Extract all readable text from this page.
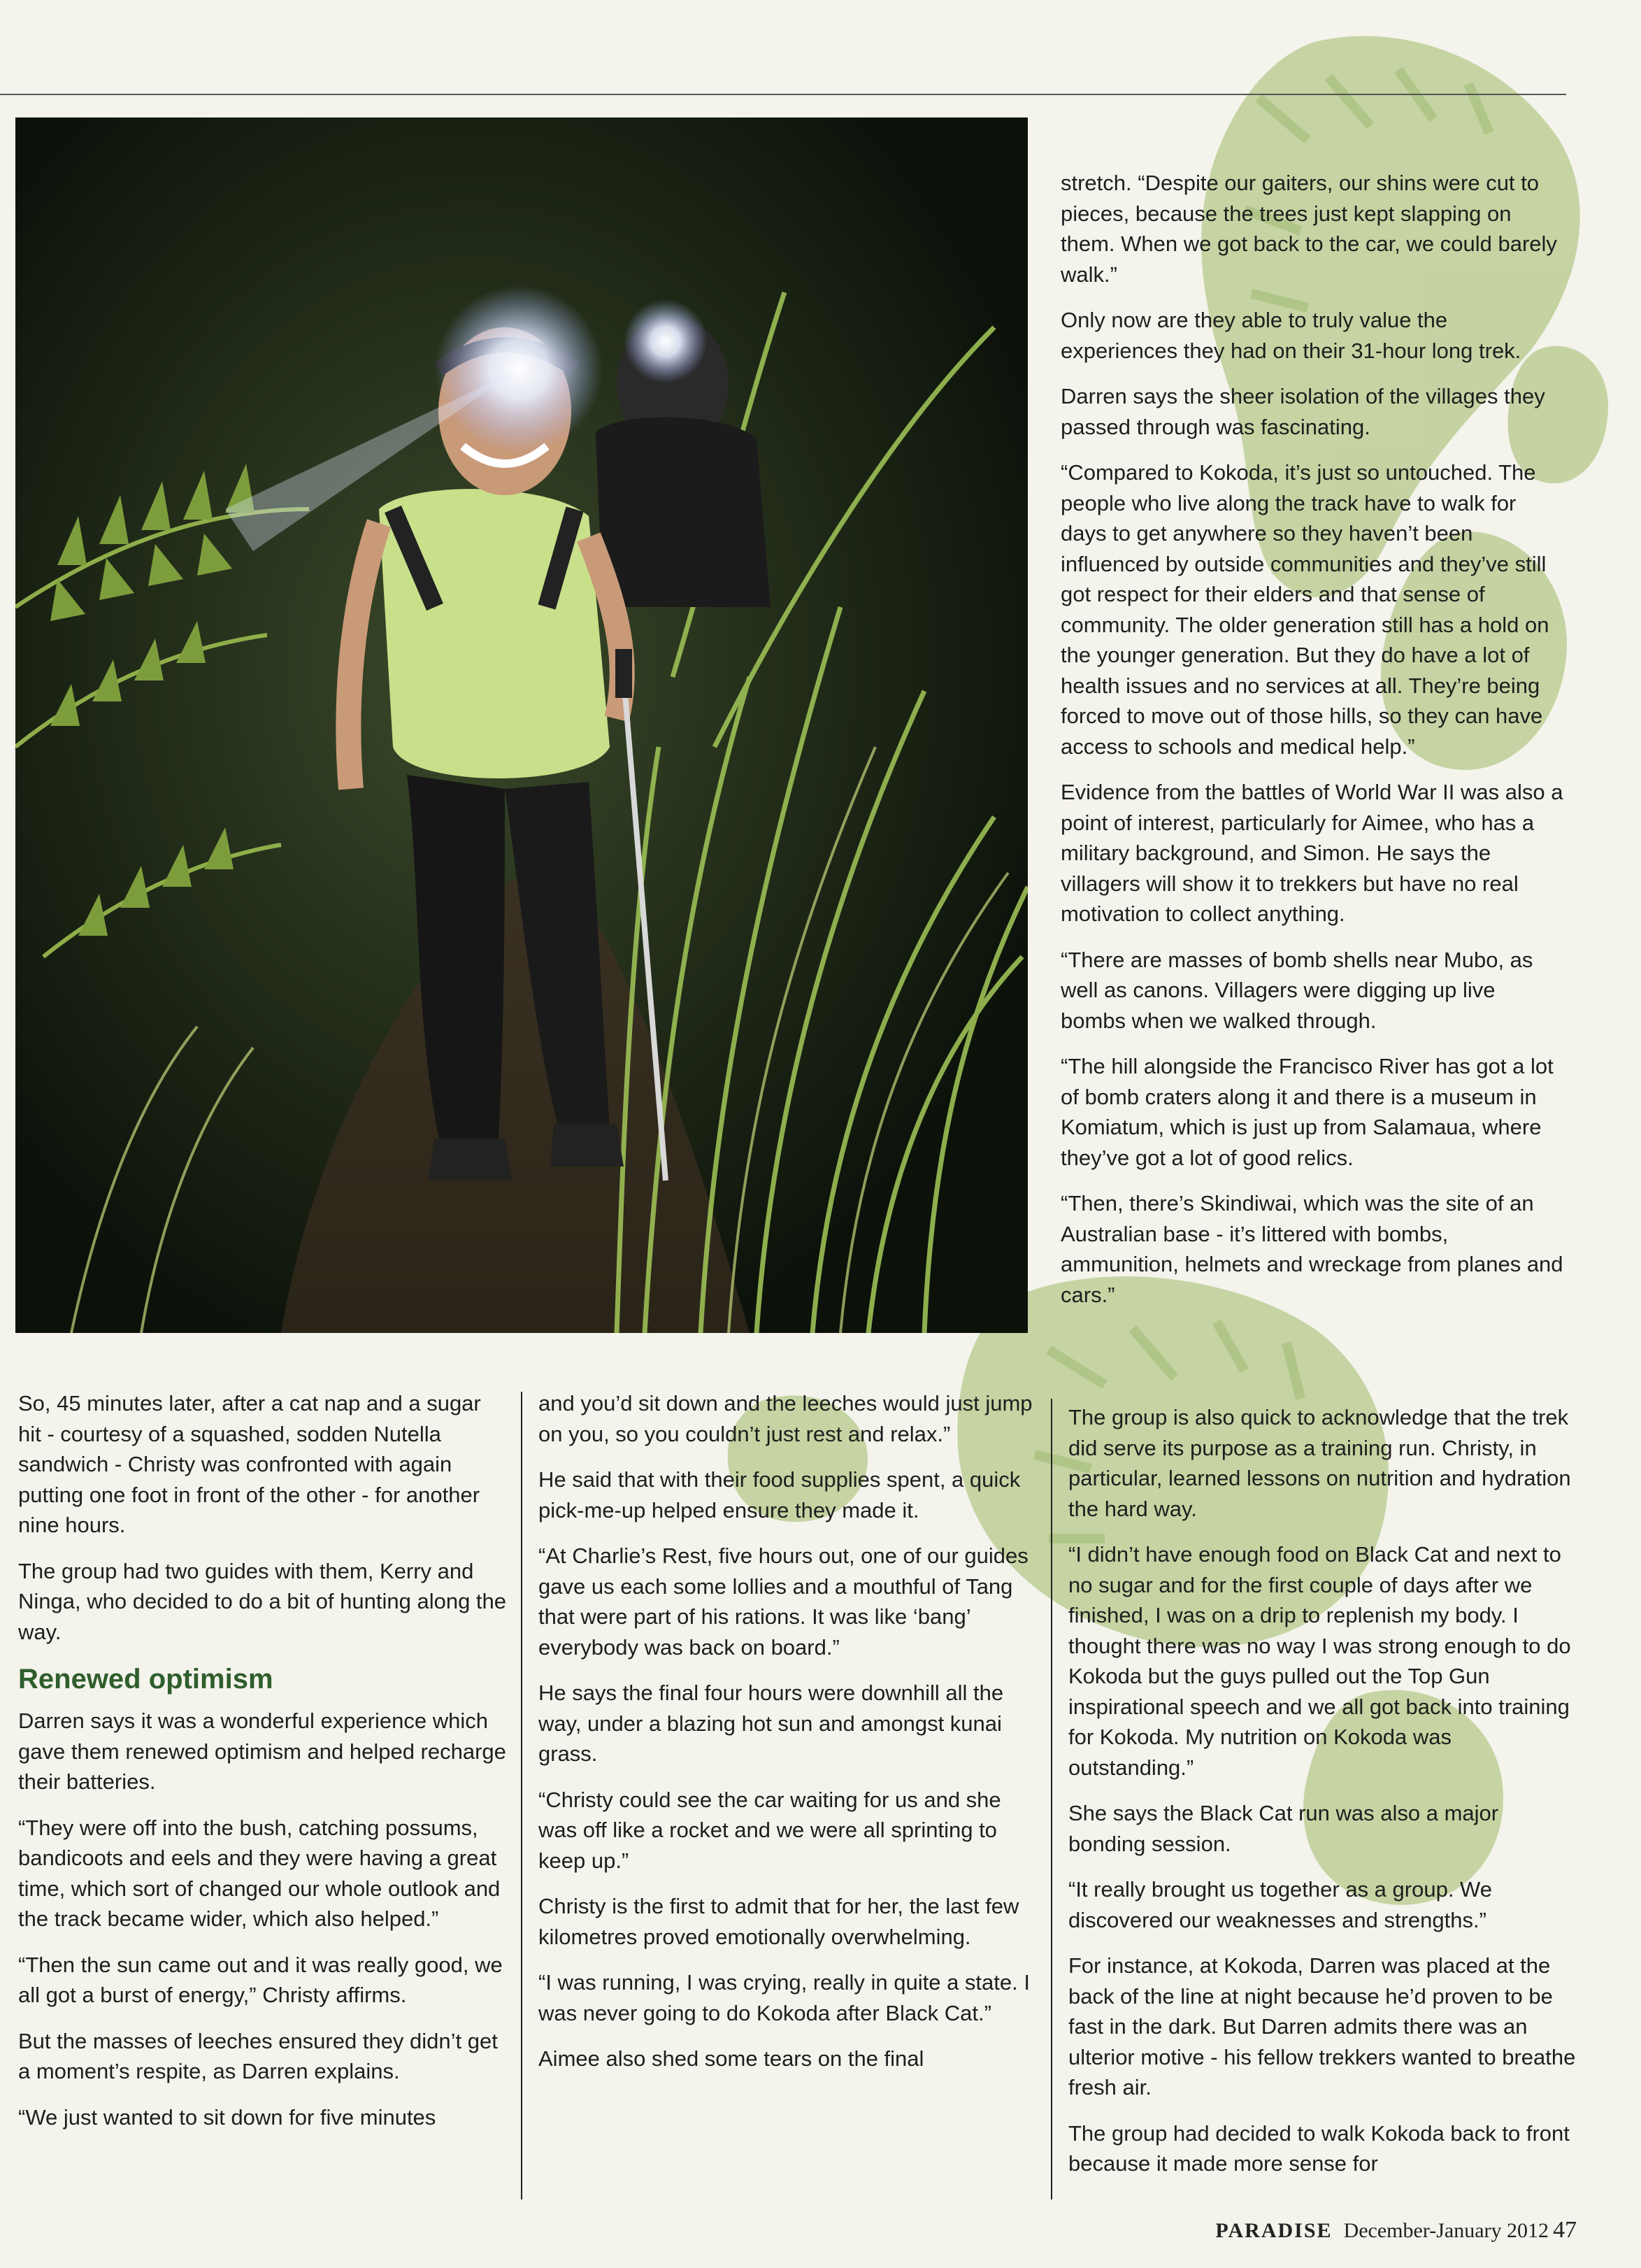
stretch. “Despite our gaiters, our shins were cut to pieces, because the trees just kept slapping on them. When we got back to the car, we could barely walk.”

Only now are they able to truly value the experiences they had on their 31-hour long trek.

Darren says the sheer isolation of the villages they passed through was fascinating.

“Compared to Kokoda, it’s just so untouched. The people who live along the track have to walk for days to get anywhere so they haven’t been influenced by outside communities and they’ve still got respect for their elders and that sense of community. The older generation still has a hold on the younger generation. But they do have a lot of health issues and no services at all. They’re being forced to move out of those hills, so they can have access to schools and medical help.”

Evidence from the battles of World War II was also a point of interest, particularly for Aimee, who has a military background, and Simon. He says the villagers will show it to trekkers but have no real motivation to collect anything.

“There are masses of bomb shells near Mubo, as well as canons. Villagers were digging up live bombs when we walked through.

“The hill alongside the Francisco River has got a lot of bomb craters along it and there is a museum in Komiatum, which is just up from Salamaua, where they’ve got a lot of good relics.

“Then, there’s Skindiwai, which was the site of an Australian base - it’s littered with bombs, ammunition, helmets and wreckage from planes and cars.”

The group is also quick to acknowledge that the trek did serve its purpose as a training run. Christy, in particular, learned lessons on nutrition and hydration the hard way.

“I didn’t have enough food on Black Cat and next to no sugar and for the first couple of days after we finished, I was on a drip to replenish my body. I thought there was no way I was strong enough to do Kokoda but the guys pulled out the Top Gun inspirational speech and we all got back into training for Kokoda. My nutrition on Kokoda was outstanding.”

She says the Black Cat run was also a major bonding session.

“It really brought us together as a group. We discovered our weaknesses and strengths.”

For instance, at Kokoda, Darren was placed at the back of the line at night because he’d proven to be fast in the dark. But Darren admits there was an ulterior motive - his fellow trekkers wanted to breathe fresh air.

The group had decided to walk Kokoda back to front because it made more sense for

So, 45 minutes later, after a cat nap and a sugar hit - courtesy of a squashed, sodden Nutella sandwich - Christy was confronted with again putting one foot in front of the other - for another nine hours.

The group had two guides with them, Kerry and Ninga, who decided to do a bit of hunting along the way.

Renewed optimism

Darren says it was a wonderful experience which gave them renewed optimism and helped recharge their batteries.

“They were off into the bush, catching possums, bandicoots and eels and they were having a great time, which sort of changed our whole outlook and the track became wider, which also helped.”

“Then the sun came out and it was really good, we all got a burst of energy,” Christy affirms.

But the masses of leeches ensured they didn’t get a moment’s respite, as Darren explains.

“We just wanted to sit down for five minutes

and you’d sit down and the leeches would just jump on you, so you couldn’t just rest and relax.”

He said that with their food supplies spent, a quick pick-me-up helped ensure they made it.

“At Charlie’s Rest, five hours out, one of our guides gave us each some lollies and a mouthful of Tang that were part of his rations. It was like ‘bang’ everybody was back on board.”

He says the final four hours were downhill all the way, under a blazing hot sun and amongst kunai grass.

“Christy could see the car waiting for us and she was off like a rocket and we were all sprinting to keep up.”

Christy is the first to admit that for her, the last few kilometres proved emotionally overwhelming.

“I was running, I was crying, really in quite a state. I was never going to do Kokoda after Black Cat.”

Aimee also shed some tears on the final

PARADISE December-January 2012 47
